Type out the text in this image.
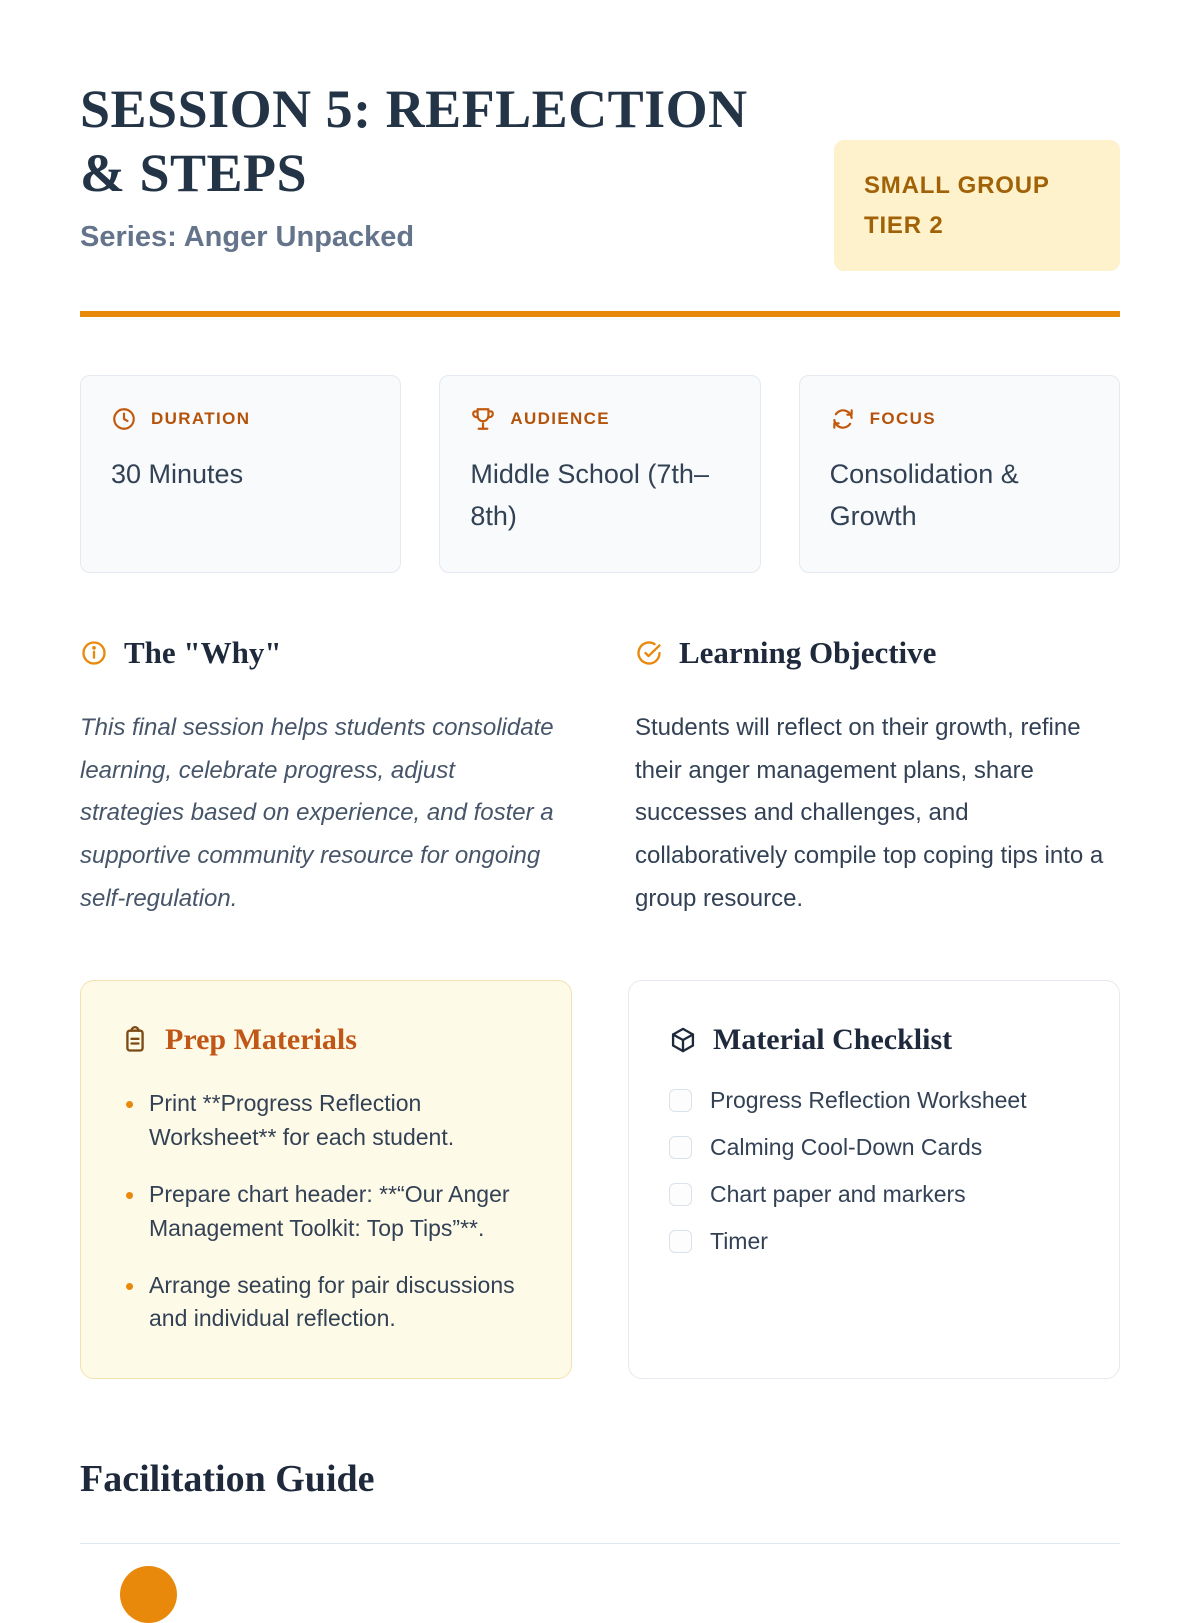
SESSION 5: REFLECTION & STEPS
Series: Anger Unpacked
SMALL GROUP TIER 2
DURATION
30 Minutes
AUDIENCE
Middle School (7th–8th)
FOCUS
Consolidation & Growth
The "Why"

This final session helps students consolidate learning, celebrate progress, adjust strategies based on experience, and foster a supportive community resource for ongoing self-regulation.

Learning Objective

Students will reflect on their growth, refine their anger management plans, share successes and challenges, and collaboratively compile top coping tips into a group resource.

Prep Materials
• Print **Progress Reflection Worksheet** for each student.
• Prepare chart header: **“Our Anger Management Toolkit: Top Tips”**.
• Arrange seating for pair discussions and individual reflection.
Material Checklist
Progress Reflection Worksheet
Calming Cool-Down Cards
Chart paper and markers
Timer
Facilitation Guide
